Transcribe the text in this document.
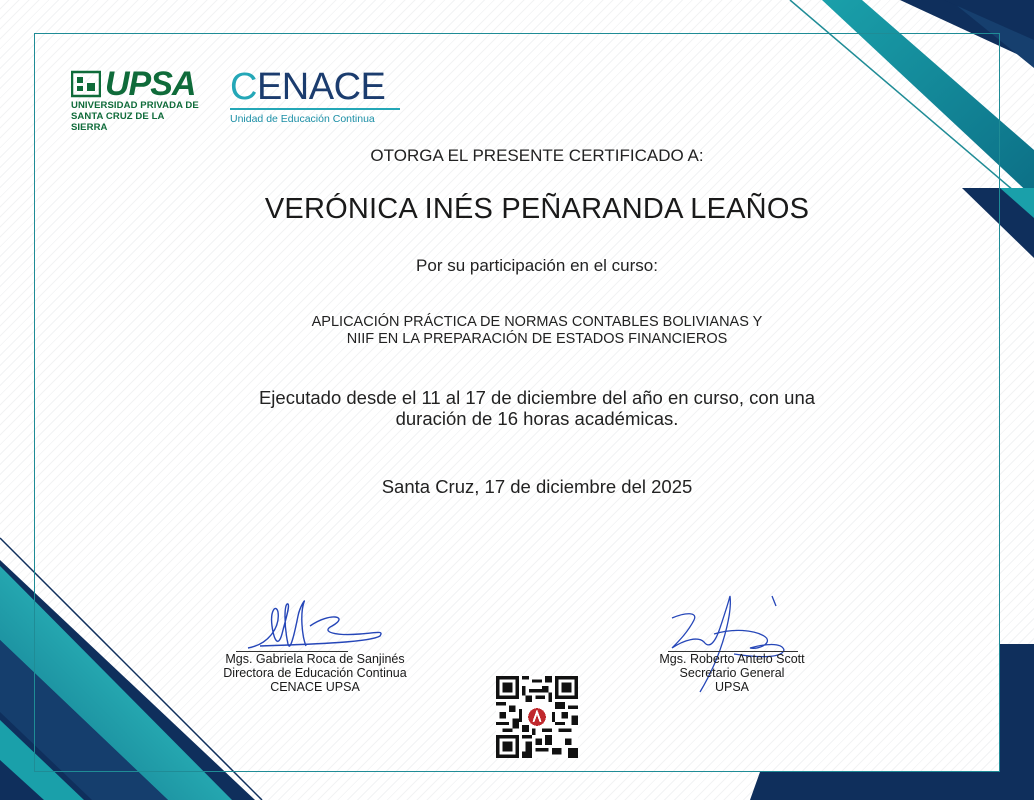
UPSA
UNIVERSIDAD PRIVADA DE
SANTA CRUZ DE LA SIERRA
CENACE
Unidad de Educación Continua
OTORGA EL PRESENTE CERTIFICADO A:
VERÓNICA INÉS PEÑARANDA LEAÑOS
Por su participación en el curso:
APLICACIÓN PRÁCTICA DE NORMAS CONTABLES BOLIVIANAS Y
NIIF EN LA PREPARACIÓN DE ESTADOS FINANCIEROS
Ejecutado desde el 11 al 17 de diciembre del año en curso, con una
duración de 16 horas académicas.
Santa Cruz, 17 de diciembre del 2025
Mgs. Gabriela Roca de Sanjinés
Directora de Educación Continua
CENACE UPSA
Mgs. Roberto Antelo Scott
Secretario General
UPSA
